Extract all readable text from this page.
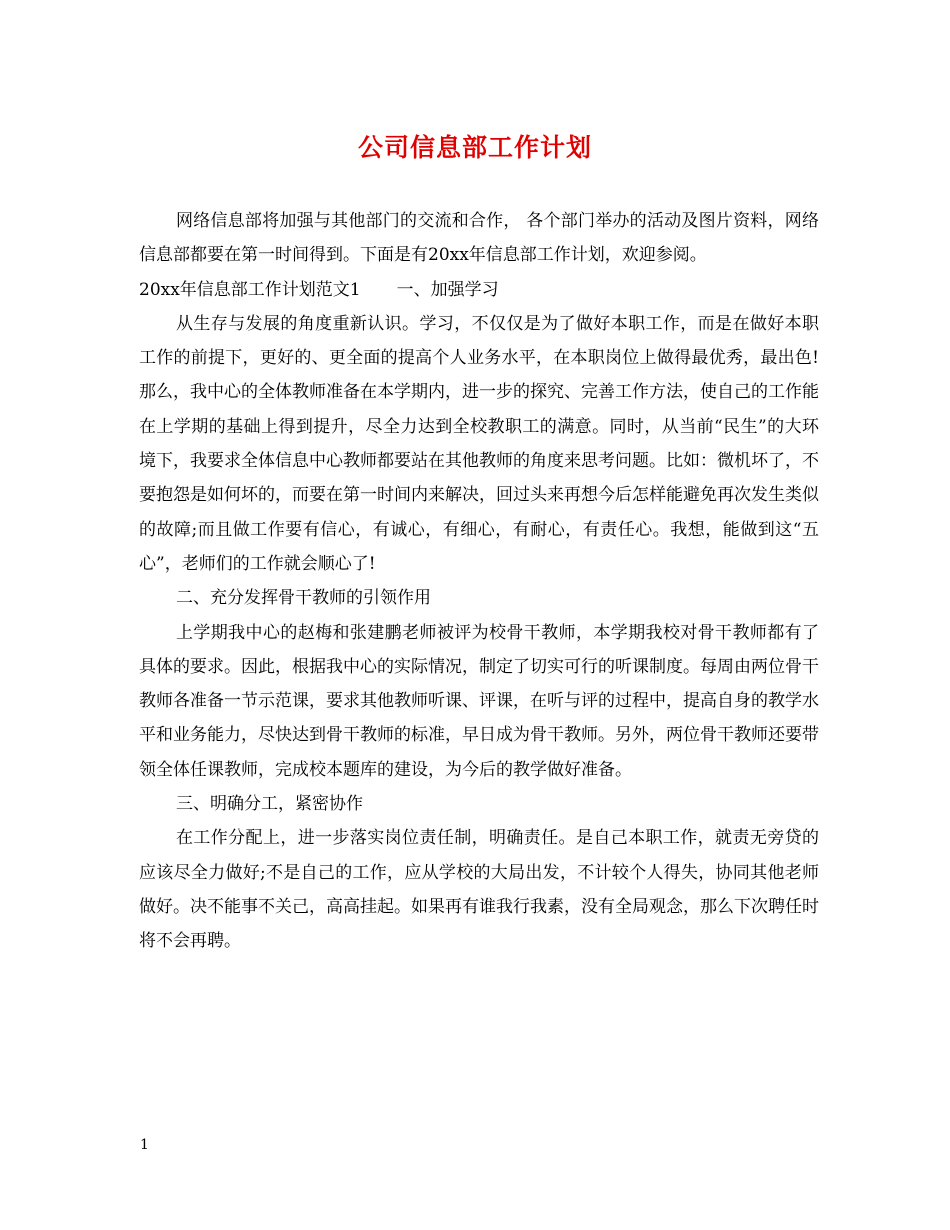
公司信息部工作计划

网络信息部将加强与其他部门的交流和合作， 各个部门举办的活动及图片资料，网络信息部都要在第一时间得到。下面是有20xx年信息部工作计划，欢迎参阅。

20xx年信息部工作计划范文1 一、加强学习

从生存与发展的角度重新认识。学习，不仅仅是为了做好本职工作，而是在做好本职工作的前提下，更好的、更全面的提高个人业务水平，在本职岗位上做得最优秀，最出色!那么，我中心的全体教师准备在本学期内，进一步的探究、完善工作方法，使自己的工作能在上学期的基础上得到提升，尽全力达到全校教职工的满意。同时，从当前“民生”的大环境下，我要求全体信息中心教师都要站在其他教师的角度来思考问题。比如：微机坏了，不要抱怨是如何坏的，而要在第一时间内来解决，回过头来再想今后怎样能避免再次发生类似的故障;而且做工作要有信心，有诚心，有细心，有耐心，有责任心。我想，能做到这“五心”，老师们的工作就会顺心了!

二、充分发挥骨干教师的引领作用

上学期我中心的赵梅和张建鹏老师被评为校骨干教师，本学期我校对骨干教师都有了具体的要求。因此，根据我中心的实际情况，制定了切实可行的听课制度。每周由两位骨干教师各准备一节示范课，要求其他教师听课、评课，在听与评的过程中，提高自身的教学水平和业务能力，尽快达到骨干教师的标准，早日成为骨干教师。另外，两位骨干教师还要带领全体任课教师，完成校本题库的建设，为今后的教学做好准备。

三、明确分工，紧密协作

在工作分配上，进一步落实岗位责任制，明确责任。是自己本职工作，就责无旁贷的应该尽全力做好;不是自己的工作，应从学校的大局出发，不计较个人得失，协同其他老师做好。决不能事不关己，高高挂起。如果再有谁我行我素，没有全局观念，那么下次聘任时将不会再聘。

1
